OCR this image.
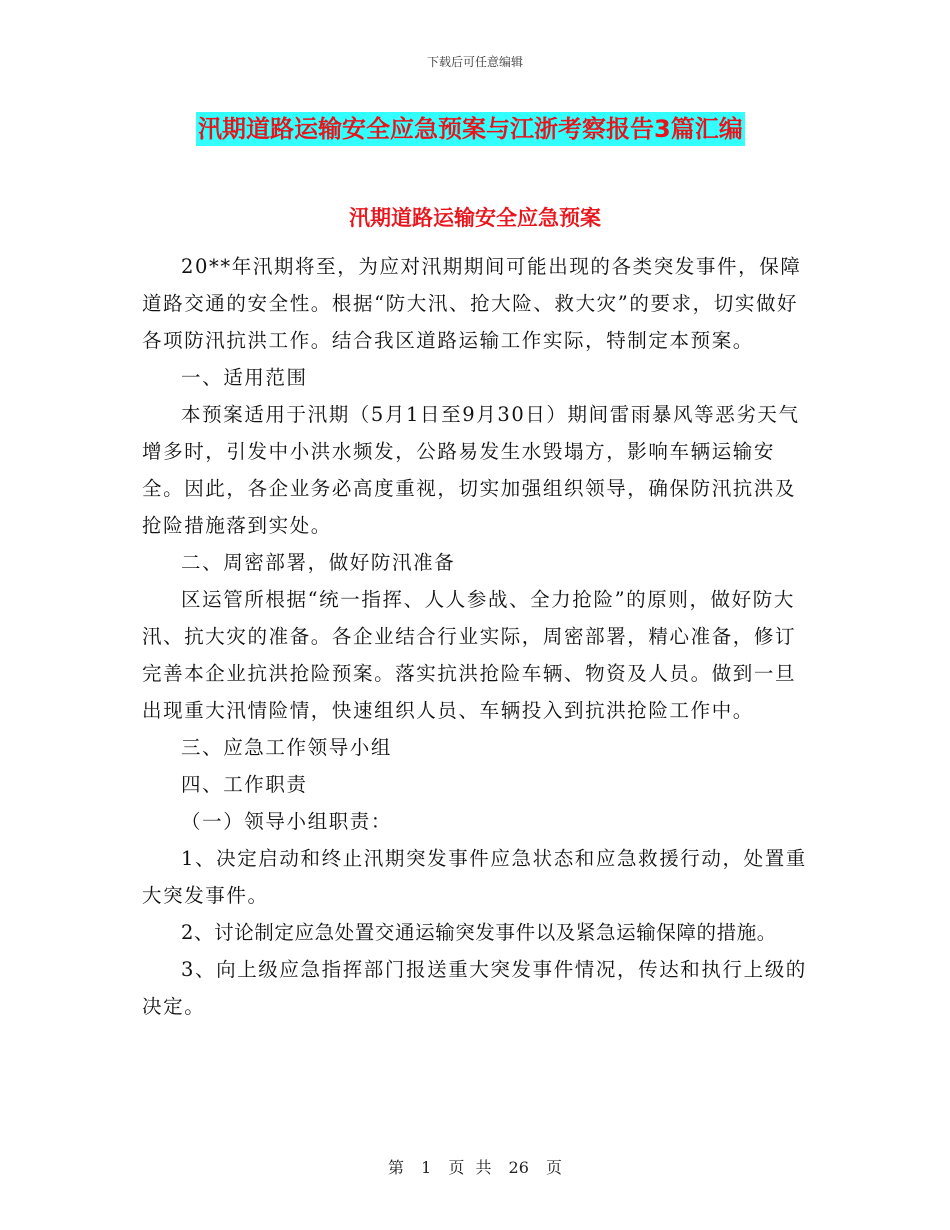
下载后可任意编辑
汛期道路运输安全应急预案与江浙考察报告3篇汇编
汛期道路运输安全应急预案

20**年汛期将至，为应对汛期期间可能出现的各类突发事件，保障道路交通的安全性。根据“防大汛、抢大险、救大灾”的要求，切实做好各项防汛抗洪工作。结合我区道路运输工作实际，特制定本预案。

一、适用范围

本预案适用于汛期（5月1日至9月30日）期间雷雨暴风等恶劣天气增多时，引发中小洪水频发，公路易发生水毁塌方，影响车辆运输安全。因此，各企业务必高度重视，切实加强组织领导，确保防汛抗洪及抢险措施落到实处。

二、周密部署，做好防汛准备

区运管所根据“统一指挥、人人参战、全力抢险”的原则，做好防大汛、抗大灾的准备。各企业结合行业实际，周密部署，精心准备，修订完善本企业抗洪抢险预案。落实抗洪抢险车辆、物资及人员。做到一旦出现重大汛情险情，快速组织人员、车辆投入到抗洪抢险工作中。

三、应急工作领导小组

四、工作职责

（一）领导小组职责：

1、决定启动和终止汛期突发事件应急状态和应急救援行动，处置重大突发事件。

2、讨论制定应急处置交通运输突发事件以及紧急运输保障的措施。

3、向上级应急指挥部门报送重大突发事件情况，传达和执行上级的决定。

第 1 页 共 26 页
